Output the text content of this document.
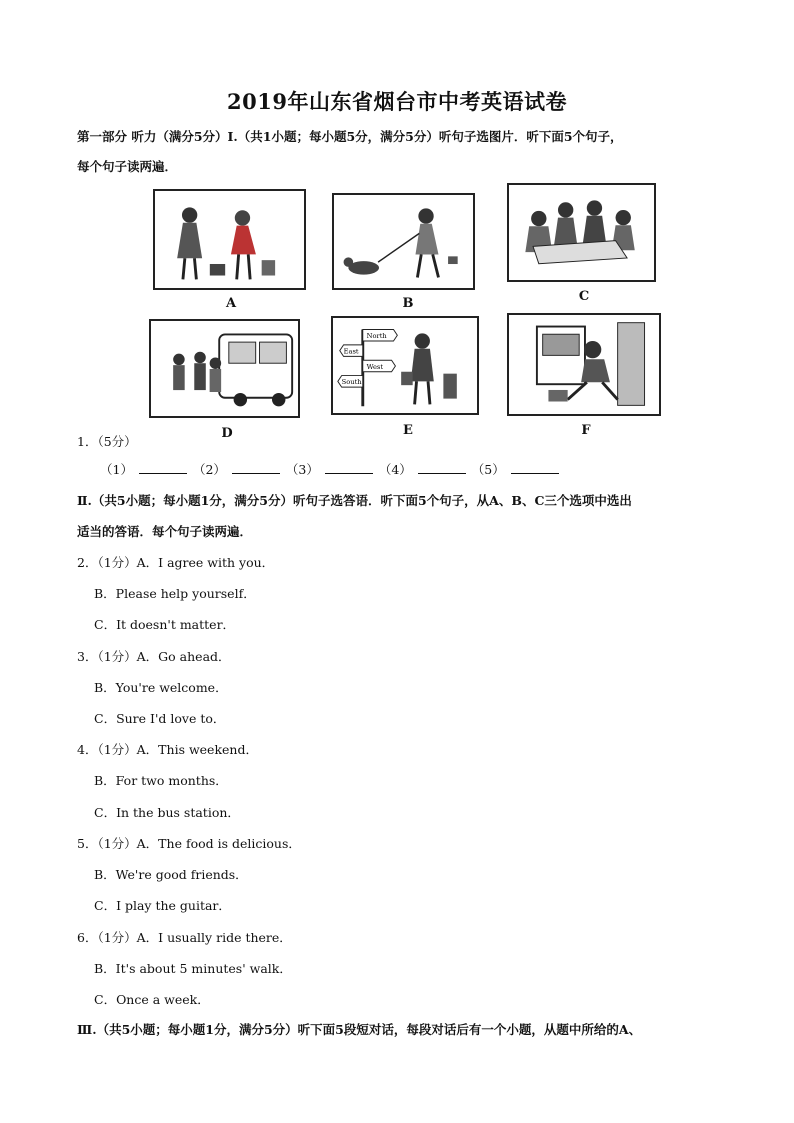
2019年山东省烟台市中考英语试卷
第一部分 听力（满分5分）Ⅰ.（共1小题；每小题5分，满分5分）听句子选图片．听下面5个句子，
每个句子读两遍．
A	B	C
D
North
East
West
South
E	F
1．（5分）
（1）	（2）	（3）	（4）	（5）
Ⅱ.（共5小题；每小题1分，满分5分）听句子选答语．听下面5个句子，从A、B、C三个选项中选出
适当的答语．每个句子读两遍．
2．（1分）A．I agree with you．
B．Please help yourself．
C．It doesn't matter．
3．（1分）A．Go ahead．
B．You're welcome．
C．Sure I'd love to．
4．（1分）A．This weekend．
B．For two months．
C．In the bus station．
5．（1分）A．The food is delicious．
B．We're good friends．
C．I play the guitar．
6．（1分）A．I usually ride there．
B．It's about 5 minutes' walk．
C．Once a week．
Ⅲ.（共5小题；每小题1分，满分5分）听下面5段短对话，每段对话后有一个小题，从题中所给的A、
